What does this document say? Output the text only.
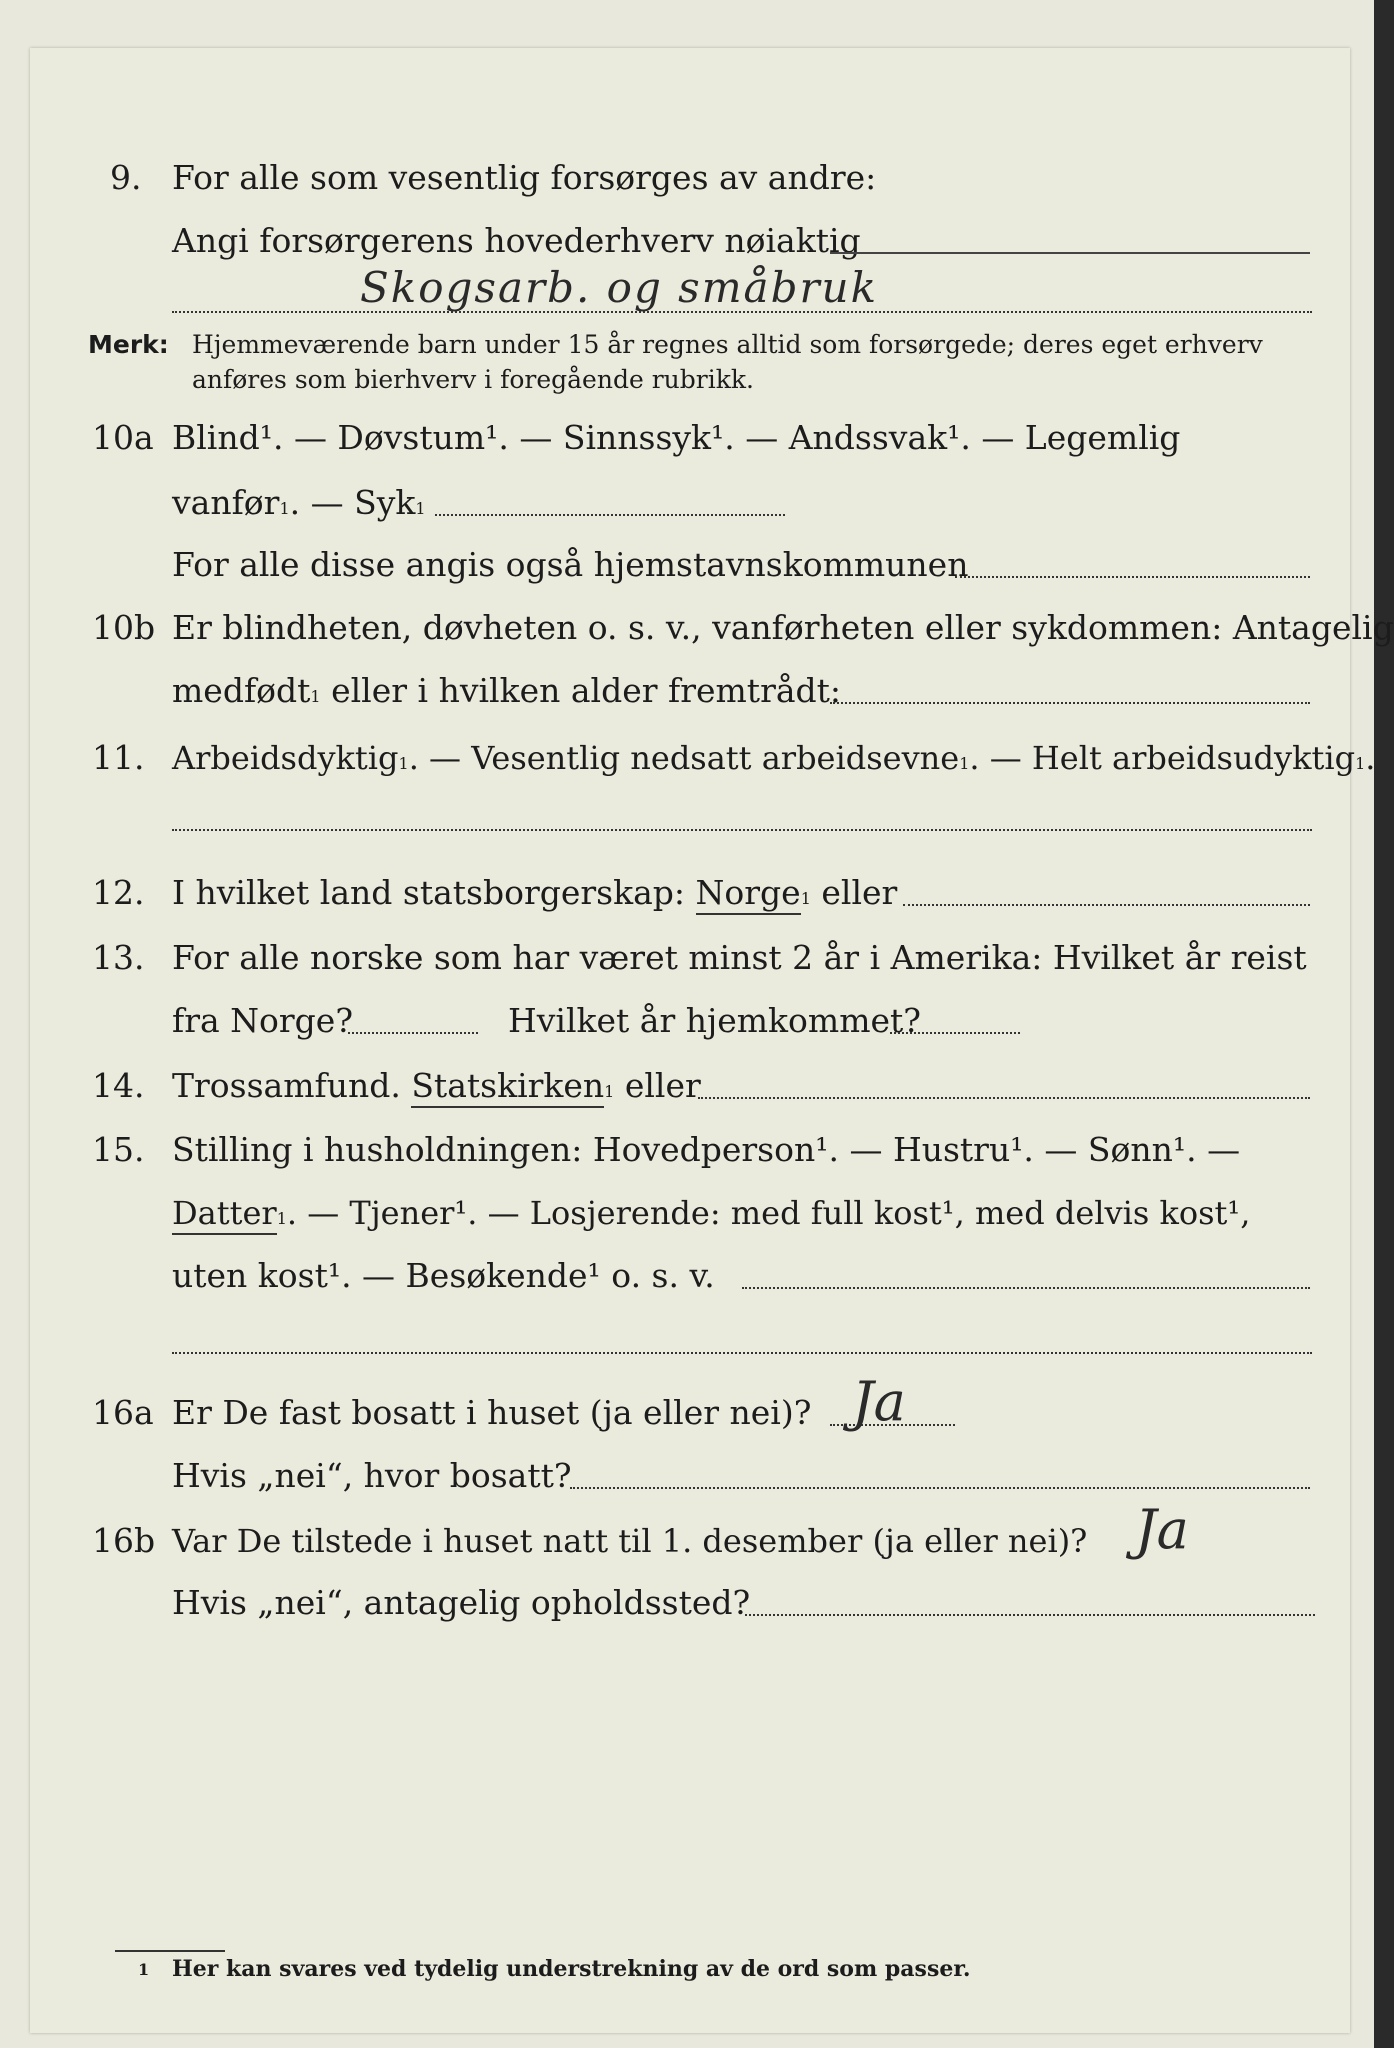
9. For alle som vesentlig forsørges av andre:
Angi forsørgerens hovederhverv nøiaktig
Skogsarb. og småbruk
Merk: Hjemmeværende barn under 15 år regnes alltid som forsørgede; deres eget erhverv
anføres som bierhverv i foregående rubrikk.
10a Blind¹. — Døvstum¹. — Sinnssyk¹. — Andssvak¹. — Legemlig
vanfør$^1$. — Syk$^1$
For alle disse angis også hjemstavnskommunen
10b Er blindheten, døvheten o. s. v., vanførheten eller sykdommen: Antagelig
medfødt$^1$ eller i hvilken alder fremtrådt:
11. Arbeidsdyktig$^1$. — Vesentlig nedsatt arbeidsevne$^1$. — Helt arbeidsudyktig$^1$.
12. I hvilket land statsborgerskap: Norge$^1$ eller
13. For alle norske som har været minst 2 år i Amerika: Hvilket år reist
fra Norge?	Hvilket år hjemkommet?
14. Trossamfund. Statskirken$^1$ eller
15. Stilling i husholdningen: Hovedperson¹. — Hustru¹. — Sønn¹. —
Datter$^1$. — Tjener¹. — Losjerende: med full kost¹, med delvis kost¹,
uten kost¹. — Besøkende¹ o. s. v.
16a Er De fast bosatt i huset (ja eller nei)? Ja
Hvis „nei“, hvor bosatt?
16b Var De tilstede i huset natt til 1. desember (ja eller nei)? Ja
Hvis „nei“, antagelig opholdssted?
1 Her kan svares ved tydelig understrekning av de ord som passer.
